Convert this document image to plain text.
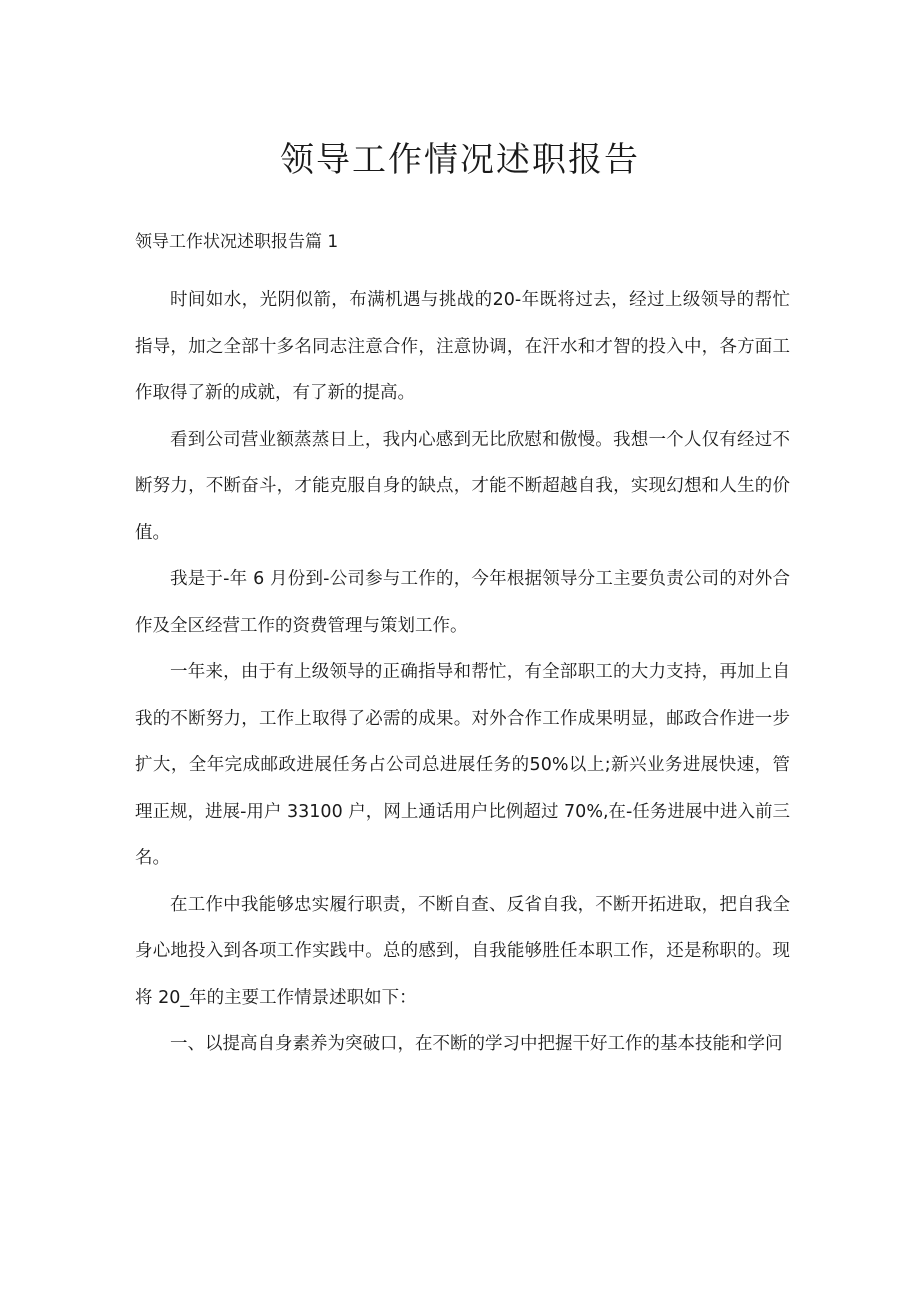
领导工作情况述职报告
领导工作状况述职报告篇 1

时间如水，光阴似箭，布满机遇与挑战的20-年既将过去，经过上级领导的帮忙指导，加之全部十多名同志注意合作，注意协调，在汗水和才智的投入中，各方面工作取得了新的成就，有了新的提高。

看到公司营业额蒸蒸日上，我内心感到无比欣慰和傲慢。我想一个人仅有经过不断努力，不断奋斗，才能克服自身的缺点，才能不断超越自我，实现幻想和人生的价值。

我是于-年 6 月份到-公司参与工作的，今年根据领导分工主要负责公司的对外合作及全区经营工作的资费管理与策划工作。

一年来，由于有上级领导的正确指导和帮忙，有全部职工的大力支持，再加上自我的不断努力，工作上取得了必需的成果。对外合作工作成果明显，邮政合作进一步扩大，全年完成邮政进展任务占公司总进展任务的50%以上;新兴业务进展快速，管理正规，进展-用户 33100 户，网上通话用户比例超过 70%,在-任务进展中进入前三名。

在工作中我能够忠实履行职责，不断自查、反省自我，不断开拓进取，把自我全身心地投入到各项工作实践中。总的感到，自我能够胜任本职工作，还是称职的。现将 20_年的主要工作情景述职如下：

一、以提高自身素养为突破口，在不断的学习中把握干好工作的基本技能和学问
